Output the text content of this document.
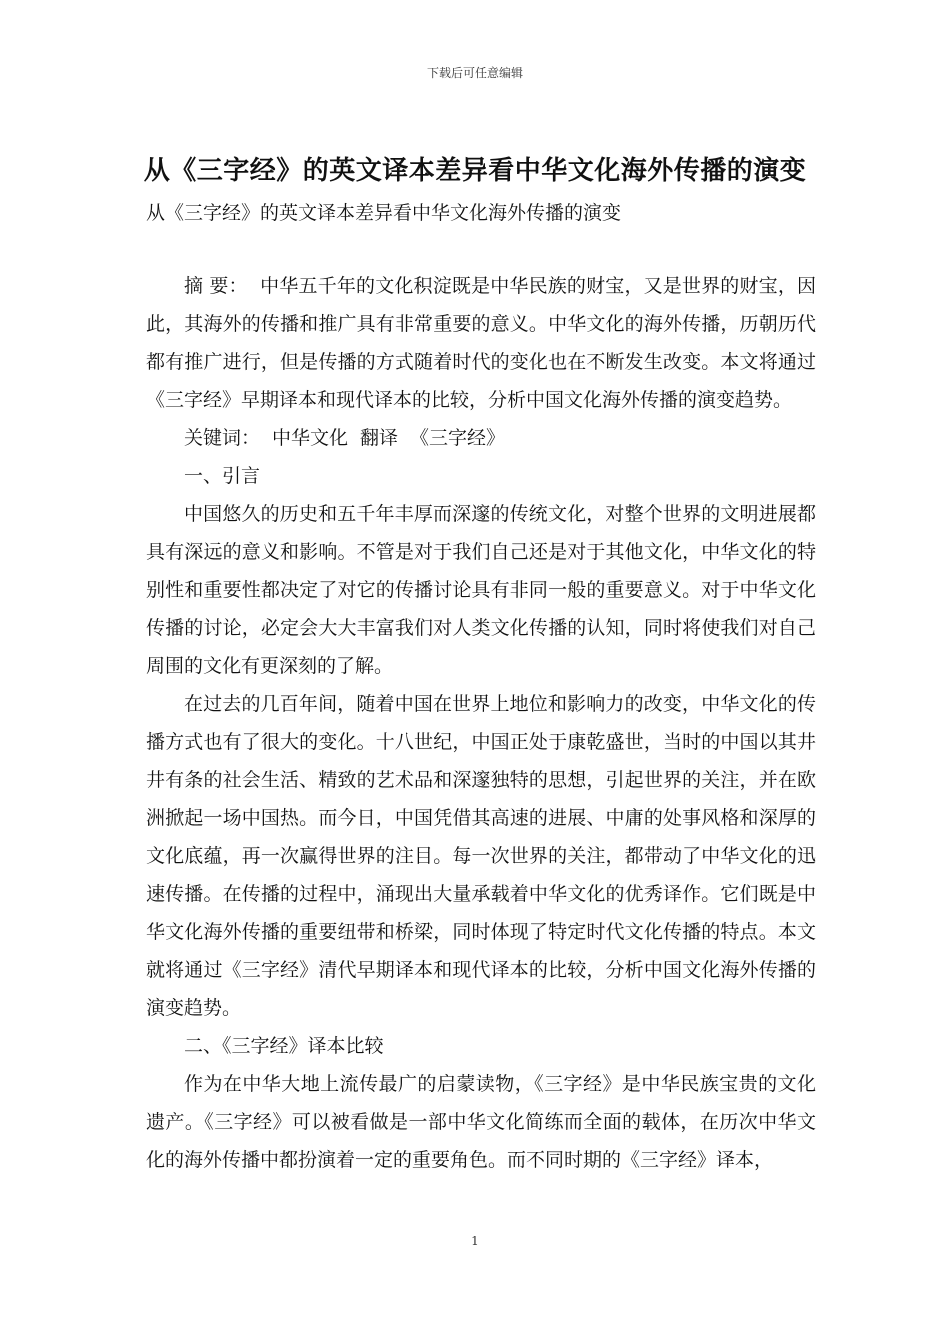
下载后可任意编辑
从《三字经》的英文译本差异看中华文化海外传播的演变
从《三字经》的英文译本差异看中华文化海外传播的演变

摘 要： 中华五千年的文化积淀既是中华民族的财宝，又是世界的财宝，因此，其海外的传播和推广具有非常重要的意义。中华文化的海外传播，历朝历代都有推广进行，但是传播的方式随着时代的变化也在不断发生改变。本文将通过《三字经》早期译本和现代译本的比较，分析中国文化海外传播的演变趋势。

关键词： 中华文化 翻译 《三字经》

一、引言

中国悠久的历史和五千年丰厚而深邃的传统文化，对整个世界的文明进展都具有深远的意义和影响。不管是对于我们自己还是对于其他文化，中华文化的特别性和重要性都决定了对它的传播讨论具有非同一般的重要意义。对于中华文化传播的讨论，必定会大大丰富我们对人类文化传播的认知，同时将使我们对自己周围的文化有更深刻的了解。

在过去的几百年间，随着中国在世界上地位和影响力的改变，中华文化的传播方式也有了很大的变化。十八世纪，中国正处于康乾盛世，当时的中国以其井井有条的社会生活、精致的艺术品和深邃独特的思想，引起世界的关注，并在欧洲掀起一场中国热。而今日，中国凭借其高速的进展、中庸的处事风格和深厚的文化底蕴，再一次赢得世界的注目。每一次世界的关注，都带动了中华文化的迅速传播。在传播的过程中，涌现出大量承载着中华文化的优秀译作。它们既是中华文化海外传播的重要纽带和桥梁，同时体现了特定时代文化传播的特点。本文就将通过《三字经》清代早期译本和现代译本的比较，分析中国文化海外传播的演变趋势。

二、《三字经》译本比较

作为在中华大地上流传最广的启蒙读物，《三字经》是中华民族宝贵的文化遗产。《三字经》可以被看做是一部中华文化简练而全面的载体，在历次中华文化的海外传播中都扮演着一定的重要角色。而不同时期的《三字经》译本，

1
